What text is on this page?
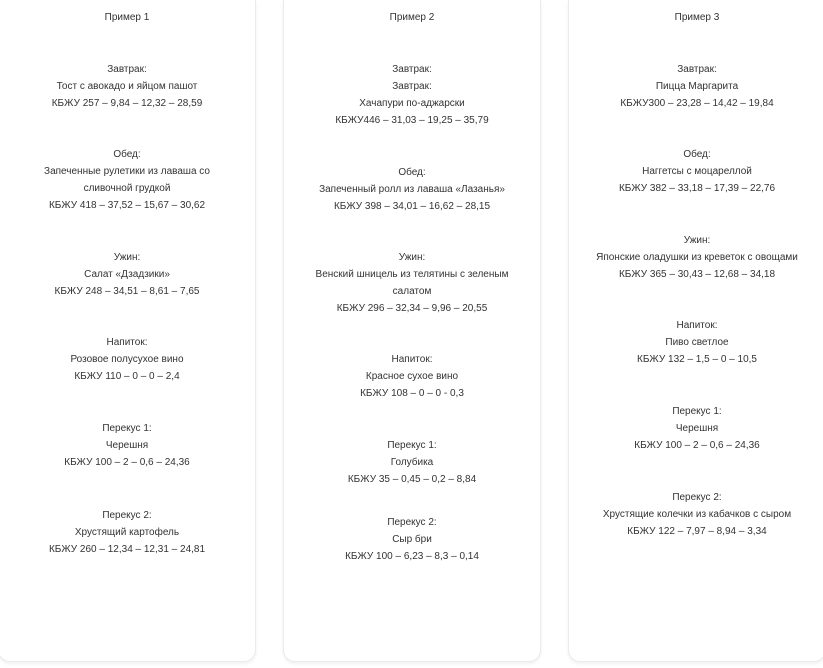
Пример 1
Завтрак:
Тост с авокадо и яйцом пашот
КБЖУ 257 – 9,84 – 12,32 – 28,59
Обед:
Запеченные рулетики из лаваша со
сливочной грудкой
КБЖУ 418 – 37,52 – 15,67 – 30,62
Ужин:
Салат «Дзадзики»
КБЖУ 248 – 34,51 – 8,61 – 7,65
Напиток:
Розовое полусухое вино
КБЖУ 110 – 0 – 0 – 2,4
Перекус 1:
Черешня
КБЖУ 100 – 2 – 0,6 – 24,36
Перекус 2:
Хрустящий картофель
КБЖУ 260 – 12,34 – 12,31 – 24,81
Пример 2
Завтрак:
Завтрак:
Хачапури по-аджарски
КБЖУ446 – 31,03 – 19,25 – 35,79
Обед:
Запеченный ролл из лаваша «Лазанья»
КБЖУ 398 – 34,01 – 16,62 – 28,15
Ужин:
Венский шницель из телятины с зеленым
салатом
КБЖУ 296 – 32,34 – 9,96 – 20,55
Напиток:
Красное сухое вино
КБЖУ 108 – 0 – 0 - 0,3
Перекус 1:
Голубика
КБЖУ 35 – 0,45 – 0,2 – 8,84
Перекус 2:
Сыр бри
КБЖУ 100 – 6,23 – 8,3 – 0,14
Пример 3
Завтрак:
Пицца Маргарита
КБЖУ300 – 23,28 – 14,42 – 19,84
Обед:
Наггетсы с моцареллой
КБЖУ 382 – 33,18 – 17,39 – 22,76
Ужин:
Японские оладушки из креветок с овощами
КБЖУ 365 – 30,43 – 12,68 – 34,18
Напиток:
Пиво светлое
КБЖУ 132 – 1,5 – 0 – 10,5
Перекус 1:
Черешня
КБЖУ 100 – 2 – 0,6 – 24,36
Перекус 2:
Хрустящие колечки из кабачков с сыром
КБЖУ 122 – 7,97 – 8,94 – 3,34
